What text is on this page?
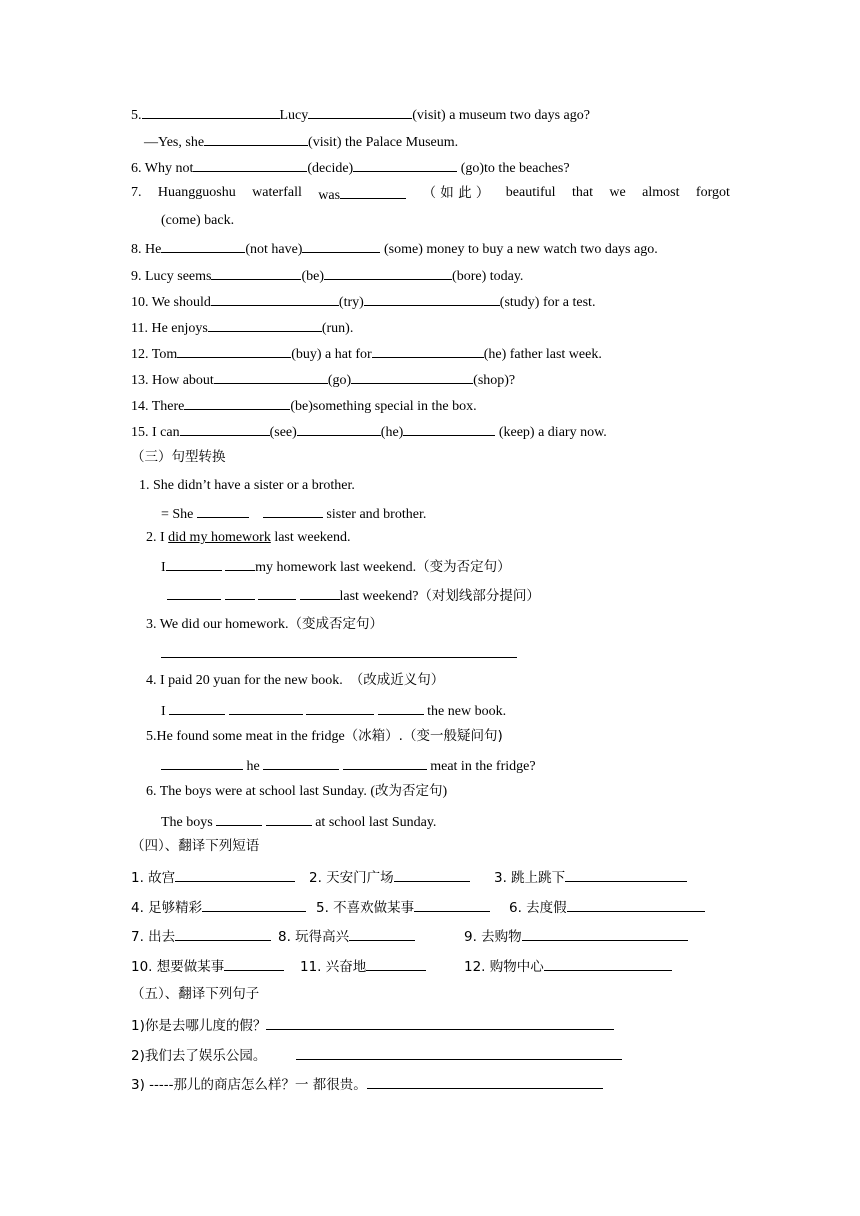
5.	Lucy	(visit) a museum two days ago?
—Yes, she	(visit) the Palace Museum.
6. Why not	(decide)	(go)to the beaches?
7. Huangguoshu waterfall was	（ 如 此 ） beautiful that we almost forgot
(come) back.
8. He	(not have)	(some) money to buy a new watch two days ago.
9. Lucy seems	(be)	(bore) today.
10. We should	(try)	(study) for a test.
11. He enjoys	(run).
12. Tom	(buy) a hat for	(he) father last week.
13. How about	(go)	(shop)?
14. There	(be)something special in the box.
15. I can	(see)	(he)	(keep) a diary now.
（三）句型转换
1. She didn’t have a sister or a brother.
= She	sister and brother.
2. I did my homework last weekend.
I	my homework last weekend.（变为否定句）
last weekend?（对划线部分提问）
3. We did our homework.（变成否定句）
4. I paid 20 yuan for the new book. （改成近义句）
I	the new book.
5.He found some meat in the fridge（冰箱）.（变一般疑问句)
he	meat in the fridge?
6. The boys were at school last Sunday. (改为否定句)
The boys	at school last Sunday.
（四）、翻译下列短语
1. 故宫	2. 天安门广场	3. 跳上跳下
4. 足够精彩	5. 不喜欢做某事	6. 去度假
7. 出去	8. 玩得高兴	9. 去购物
10. 想要做某事	11. 兴奋地	12. 购物中心
（五）、翻译下列句子
1)你是去哪儿度的假？
2)我们去了娱乐公园。
3) -----那儿的商店怎么样？一 都很贵。
